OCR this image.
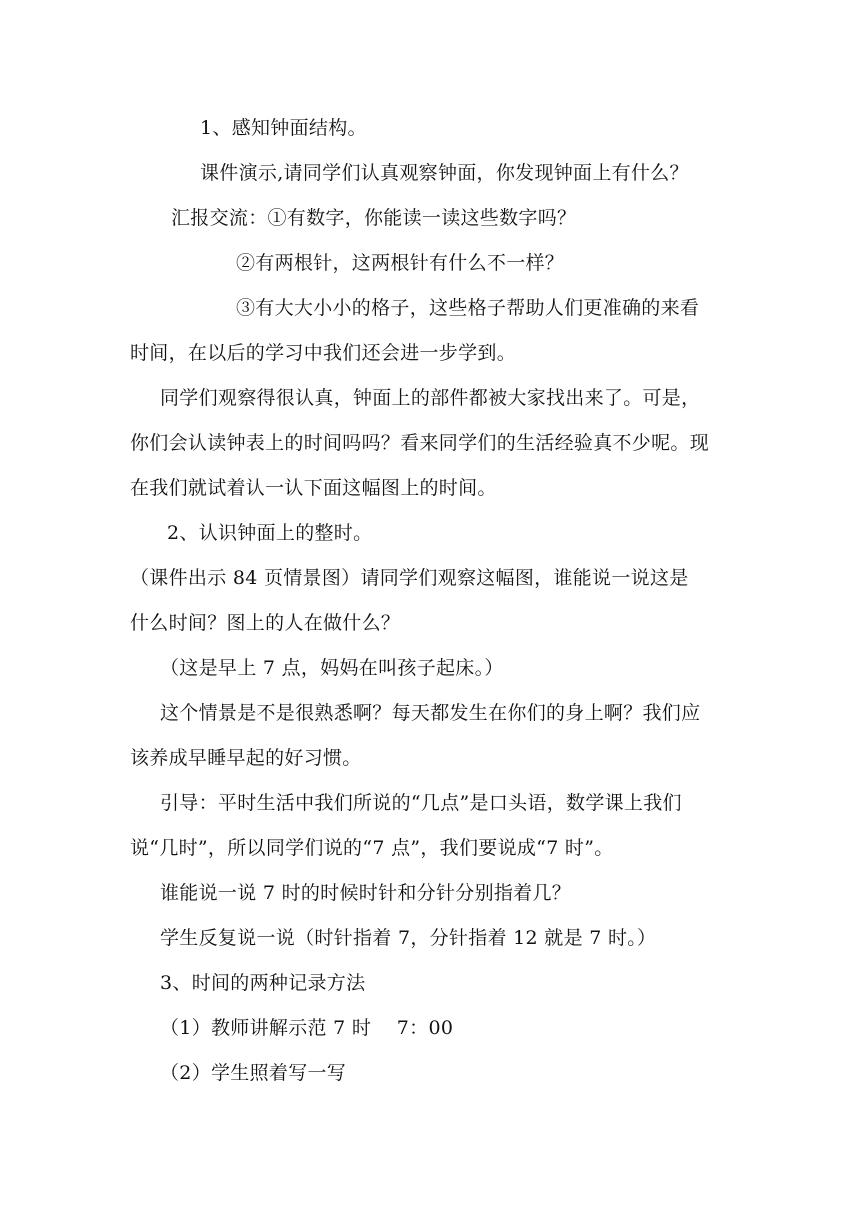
1、感知钟面结构。
课件演示,请同学们认真观察钟面，你发现钟面上有什么？
汇报交流：①有数字，你能读一读这些数字吗？
②有两根针，这两根针有什么不一样？
③有大大小小的格子，这些格子帮助人们更准确的来看
时间，在以后的学习中我们还会进一步学到。
同学们观察得很认真，钟面上的部件都被大家找出来了。可是，
你们会认读钟表上的时间吗吗？看来同学们的生活经验真不少呢。现
在我们就试着认一认下面这幅图上的时间。
2、认识钟面上的整时。
（课件出示 84 页情景图）请同学们观察这幅图，谁能说一说这是
什么时间？图上的人在做什么？
（这是早上 7 点，妈妈在叫孩子起床。）
这个情景是不是很熟悉啊？每天都发生在你们的身上啊？我们应
该养成早睡早起的好习惯。
引导：平时生活中我们所说的“几点”是口头语，数学课上我们
说“几时”，所以同学们说的“7 点”，我们要说成“7 时”。
谁能说一说 7 时的时候时针和分针分别指着几？
学生反复说一说（时针指着 7，分针指着 12 就是 7 时。）
3、时间的两种记录方法
（1）教师讲解示范 7 时 　7：00
（2）学生照着写一写
